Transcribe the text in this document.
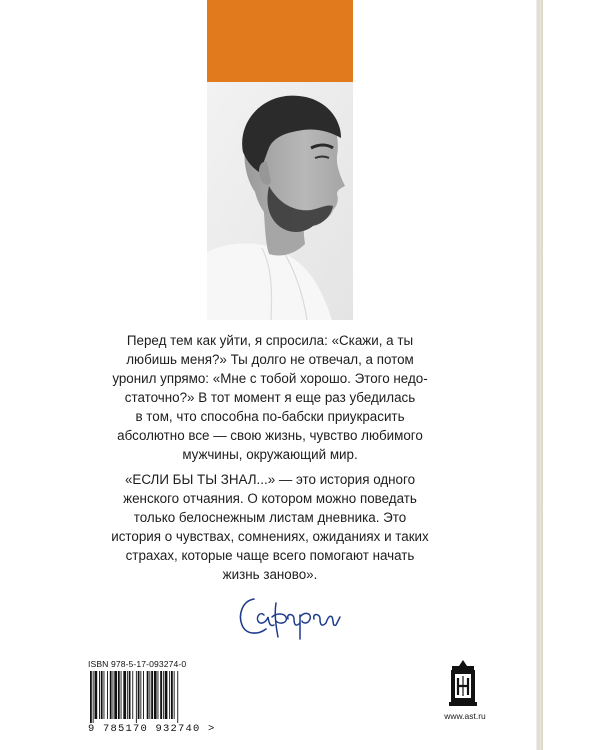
Перед тем как уйти, я спросила: «Скажи, а ты
любишь меня?» Ты долго не отвечал, а потом
уронил упрямо: «Мне с тобой хорошо. Этого недо-
статочно?» В тот момент я еще раз убедилась
в том, что способна по-бабски приукрасить
абсолютно все — свою жизнь, чувство любимого
мужчины, окружающий мир.
«ЕСЛИ БЫ ТЫ ЗНАЛ...» — это история одного
женского отчаяния. О котором можно поведать
только белоснежным листам дневника. Это
история о чувствах, сомнениях, ожиданиях и таких
страхах, которые чаще всего помогают начать
жизнь заново».
ISBN 978-5-17-093274-0
9 785170 932740 >
www.ast.ru
